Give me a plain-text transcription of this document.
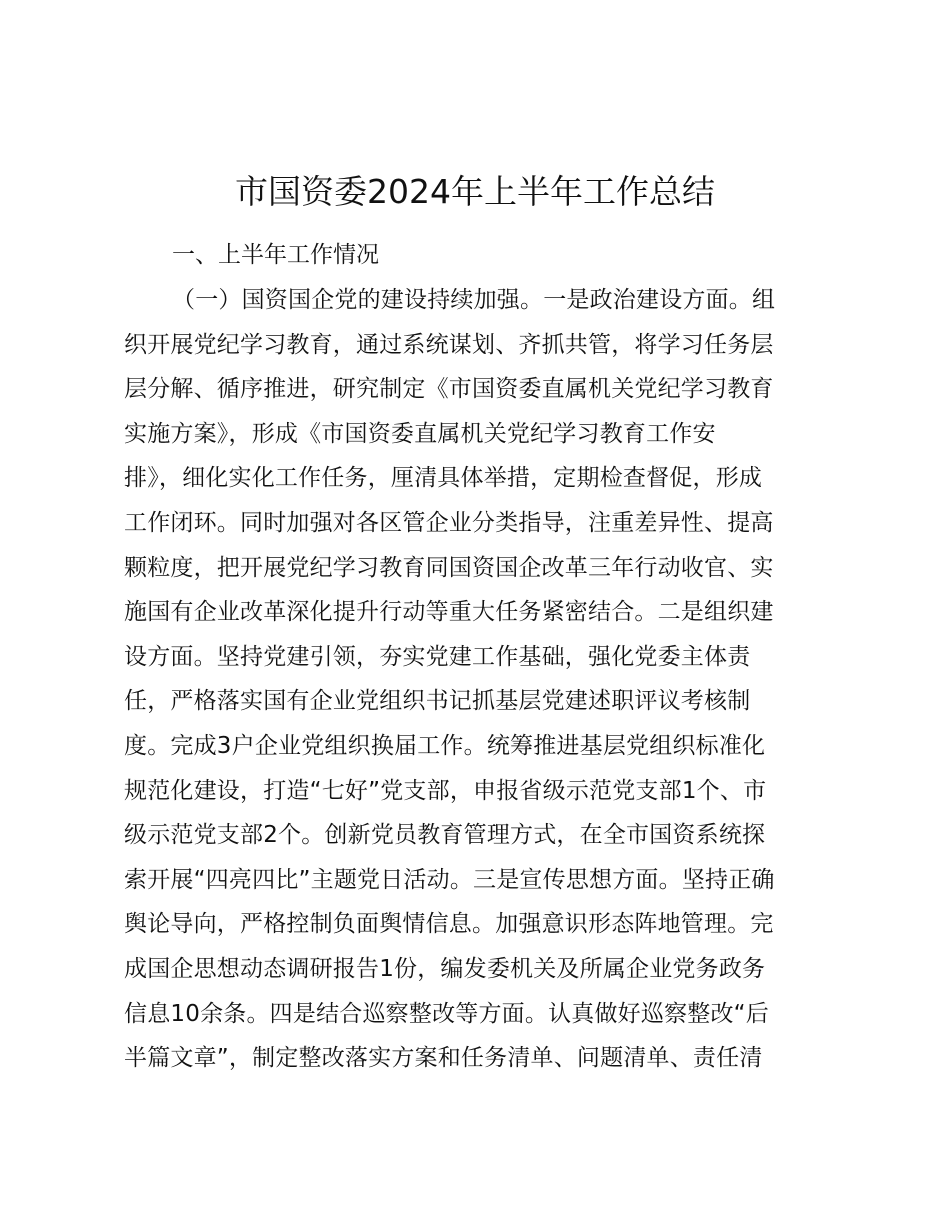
市国资委2024年上半年工作总结
一、上半年工作情况
（一）国资国企党的建设持续加强。一是政治建设方面。组
织开展党纪学习教育，通过系统谋划、齐抓共管，将学习任务层
层分解、循序推进，研究制定《市国资委直属机关党纪学习教育
实施方案》，形成《市国资委直属机关党纪学习教育工作安
排》，细化实化工作任务，厘清具体举措，定期检查督促，形成
工作闭环。同时加强对各区管企业分类指导，注重差异性、提高
颗粒度，把开展党纪学习教育同国资国企改革三年行动收官、实
施国有企业改革深化提升行动等重大任务紧密结合。二是组织建
设方面。坚持党建引领，夯实党建工作基础，强化党委主体责
任，严格落实国有企业党组织书记抓基层党建述职评议考核制
度。完成3户企业党组织换届工作。统筹推进基层党组织标准化
规范化建设，打造“七好”党支部，申报省级示范党支部1个、市
级示范党支部2个。创新党员教育管理方式，在全市国资系统探
索开展“四亮四比”主题党日活动。三是宣传思想方面。坚持正确
舆论导向，严格控制负面舆情信息。加强意识形态阵地管理。完
成国企思想动态调研报告1份，编发委机关及所属企业党务政务
信息10余条。四是结合巡察整改等方面。认真做好巡察整改“后
半篇文章”，制定整改落实方案和任务清单、问题清单、责任清
